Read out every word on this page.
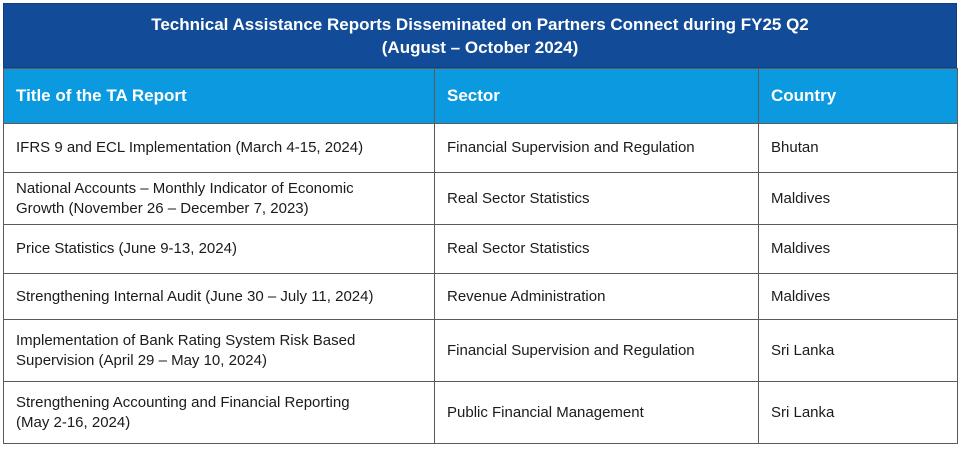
Technical Assistance Reports Disseminated on Partners Connect during FY25 Q2
(August – October 2024)
Title of the TA Report	Sector	Country

IFRS 9 and ECL Implementation (March 4-15, 2024)	Financial Supervision and Regulation	Bhutan

National Accounts – Monthly Indicator of Economic
Growth (November 26 – December 7, 2023)	Real Sector Statistics	Maldives

Price Statistics (June 9-13, 2024)	Real Sector Statistics	Maldives

Strengthening Internal Audit (June 30 – July 11, 2024)	Revenue Administration	Maldives

Implementation of Bank Rating System Risk Based
Supervision (April 29 – May 10, 2024)	Financial Supervision and Regulation	Sri Lanka

Strengthening Accounting and Financial Reporting
(May 2-16, 2024)	Public Financial Management	Sri Lanka
